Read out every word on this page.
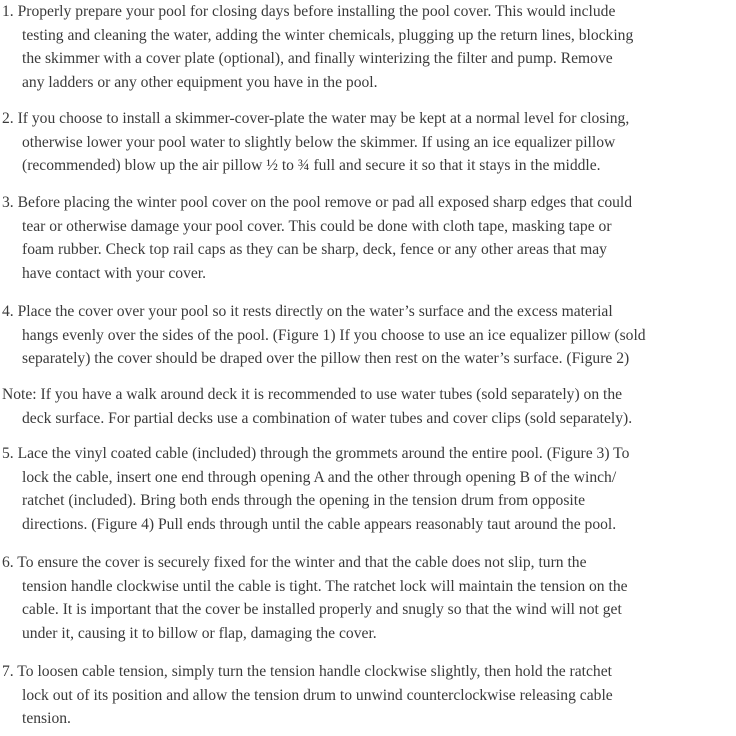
1. Properly prepare your pool for closing days before installing the pool cover. This would include
testing and cleaning the water, adding the winter chemicals, plugging up the return lines, blocking
the skimmer with a cover plate (optional), and finally winterizing the filter and pump. Remove
any ladders or any other equipment you have in the pool.
2. If you choose to install a skimmer-cover-plate the water may be kept at a normal level for closing,
otherwise lower your pool water to slightly below the skimmer. If using an ice equalizer pillow
(recommended) blow up the air pillow ½ to ¾ full and secure it so that it stays in the middle.
3. Before placing the winter pool cover on the pool remove or pad all exposed sharp edges that could
tear or otherwise damage your pool cover. This could be done with cloth tape, masking tape or
foam rubber. Check top rail caps as they can be sharp, deck, fence or any other areas that may
have contact with your cover.
4. Place the cover over your pool so it rests directly on the water’s surface and the excess material
hangs evenly over the sides of the pool. (Figure 1) If you choose to use an ice equalizer pillow (sold
separately) the cover should be draped over the pillow then rest on the water’s surface. (Figure 2)
Note: If you have a walk around deck it is recommended to use water tubes (sold separately) on the
deck surface. For partial decks use a combination of water tubes and cover clips (sold separately).
5. Lace the vinyl coated cable (included) through the grommets around the entire pool. (Figure 3) To
lock the cable, insert one end through opening A and the other through opening B of the winch/
ratchet (included). Bring both ends through the opening in the tension drum from opposite
directions. (Figure 4) Pull ends through until the cable appears reasonably taut around the pool.
6. To ensure the cover is securely fixed for the winter and that the cable does not slip, turn the
tension handle clockwise until the cable is tight. The ratchet lock will maintain the tension on the
cable. It is important that the cover be installed properly and snugly so that the wind will not get
under it, causing it to billow or flap, damaging the cover.
7. To loosen cable tension, simply turn the tension handle clockwise slightly, then hold the ratchet
lock out of its position and allow the tension drum to unwind counterclockwise releasing cable
tension.
